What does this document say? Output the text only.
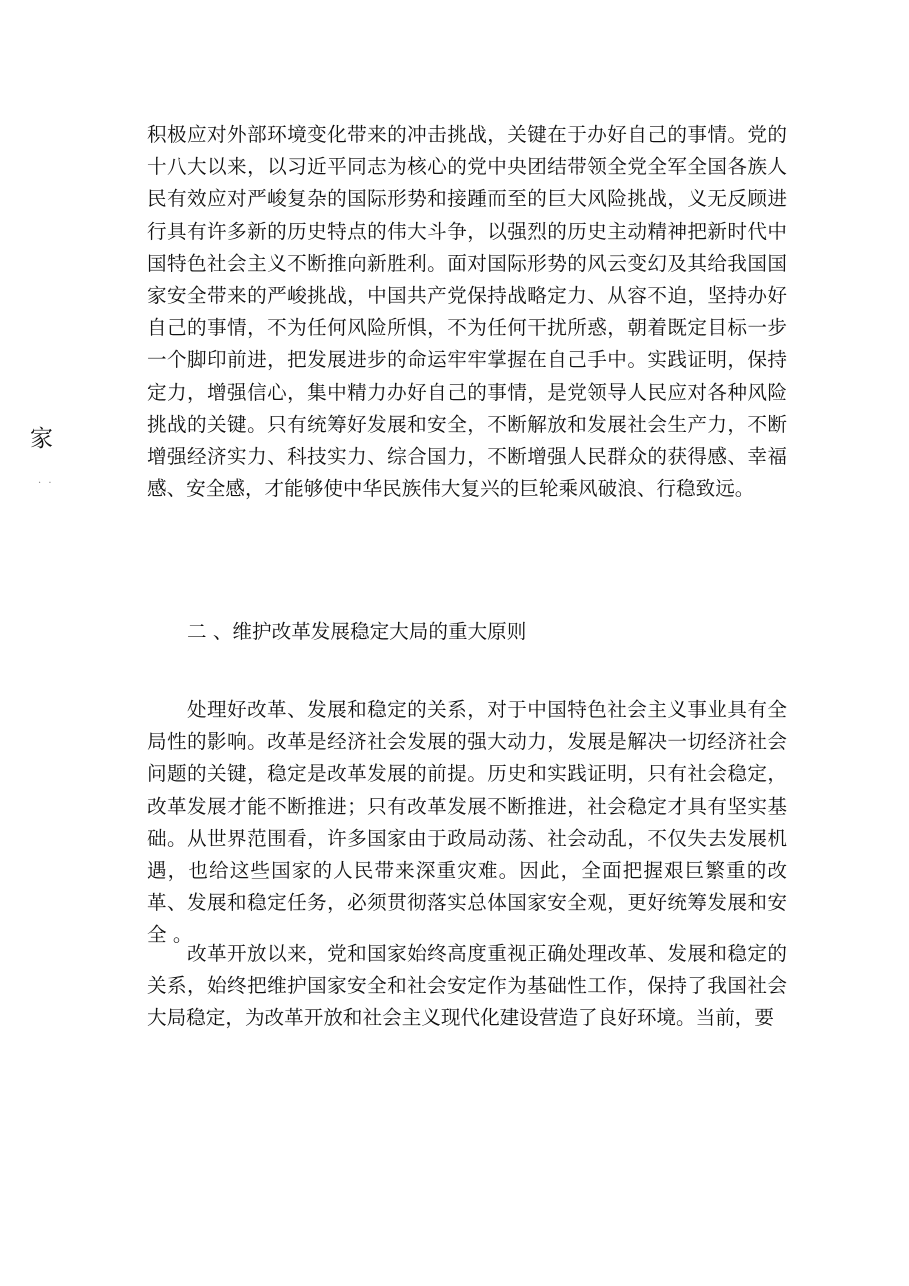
家
· ·

积极应对外部环境变化带来的冲击挑战，关键在于办好自己的事情。党的十八大以来，以习近平同志为核心的党中央团结带领全党全军全国各族人民有效应对严峻复杂的国际形势和接踵而至的巨大风险挑战，义无反顾进行具有许多新的历史特点的伟大斗争，以强烈的历史主动精神把新时代中国特色社会主义不断推向新胜利。面对国际形势的风云变幻及其给我国国家安全带来的严峻挑战，中国共产党保持战略定力、从容不迫，坚持办好自己的事情，不为任何风险所惧，不为任何干扰所惑，朝着既定目标一步一个脚印前进，把发展进步的命运牢牢掌握在自己手中。实践证明，保持定力，增强信心，集中精力办好自己的事情，是党领导人民应对各种风险挑战的关键。只有统筹好发展和安全，不断解放和发展社会生产力，不断增强经济实力、科技实力、综合国力，不断增强人民群众的获得感、幸福感、安全感，才能够使中华民族伟大复兴的巨轮乘风破浪、行稳致远。

二 、维护改革发展稳定大局的重大原则

处理好改革、发展和稳定的关系，对于中国特色社会主义事业具有全局性的影响。改革是经济社会发展的强大动力，发展是解决一切经济社会问题的关键，稳定是改革发展的前提。历史和实践证明，只有社会稳定，改革发展才能不断推进；只有改革发展不断推进，社会稳定才具有坚实基础。从世界范围看，许多国家由于政局动荡、社会动乱，不仅失去发展机遇，也给这些国家的人民带来深重灾难。因此，全面把握艰巨繁重的改革、发展和稳定任务，必须贯彻落实总体国家安全观，更好统筹发展和安 全 。

改革开放以来，党和国家始终高度重视正确处理改革、发展和稳定的关系，始终把维护国家安全和社会安定作为基础性工作，保持了我国社会大局稳定，为改革开放和社会主义现代化建设营造了良好环境。当前，要
